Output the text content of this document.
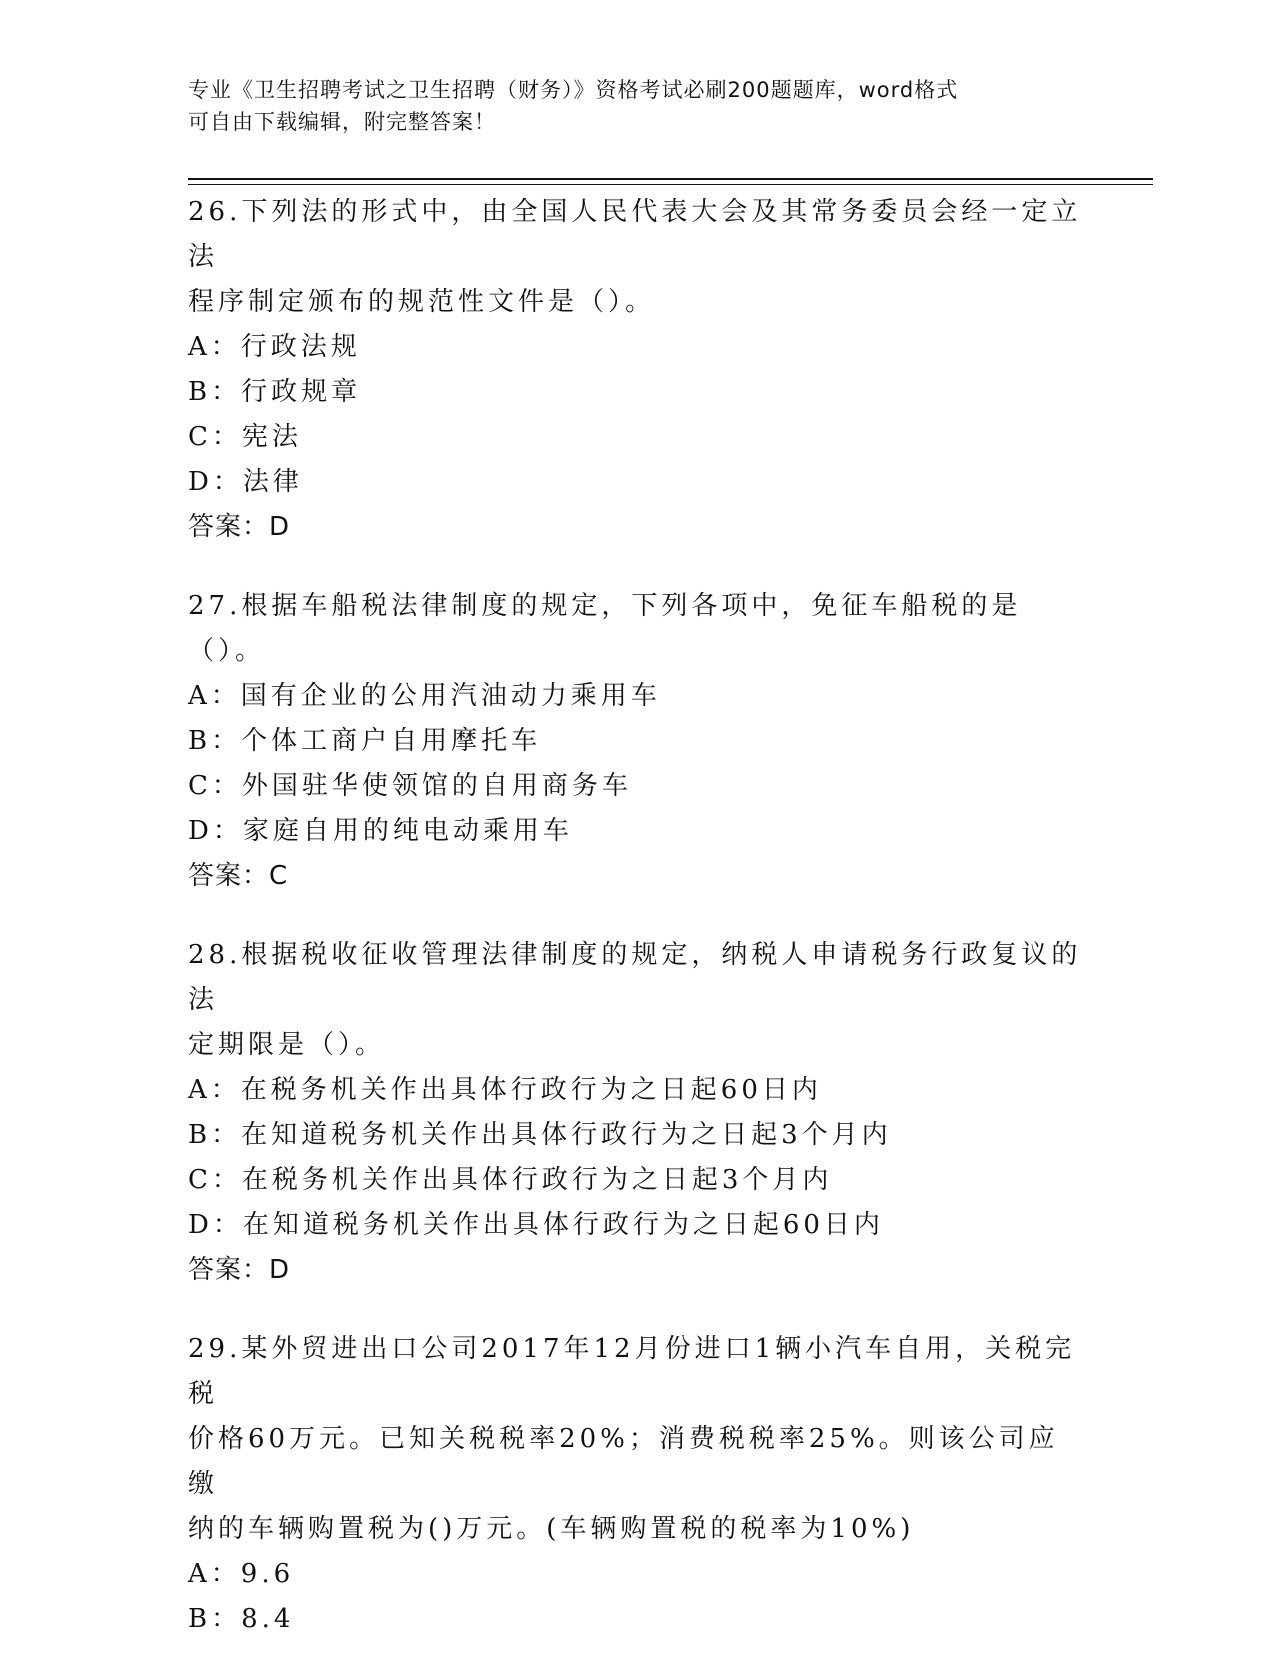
专业《卫生招聘考试之卫生招聘（财务）》资格考试必刷200题题库，word格式
可自由下载编辑，附完整答案！

26.下列法的形式中，由全国人民代表大会及其常务委员会经一定立法

程序制定颁布的规范性文件是（）。

A：行政法规

B：行政规章

C：宪法

D：法律

答案：D

27.根据车船税法律制度的规定，下列各项中，免征车船税的是（）。

A：国有企业的公用汽油动力乘用车

B：个体工商户自用摩托车

C：外国驻华使领馆的自用商务车

D：家庭自用的纯电动乘用车

答案：C

28.根据税收征收管理法律制度的规定，纳税人申请税务行政复议的法

定期限是（）。

A：在税务机关作出具体行政行为之日起60日内

B：在知道税务机关作出具体行政行为之日起3个月内

C：在税务机关作出具体行政行为之日起3个月内

D：在知道税务机关作出具体行政行为之日起60日内

答案：D

29.某外贸进出口公司2017年12月份进口1辆小汽车自用，关税完税

价格60万元。已知关税税率20%；消费税税率25%。则该公司应缴

纳的车辆购置税为()万元。(车辆购置税的税率为10%)

A：9.6

B：8.4
